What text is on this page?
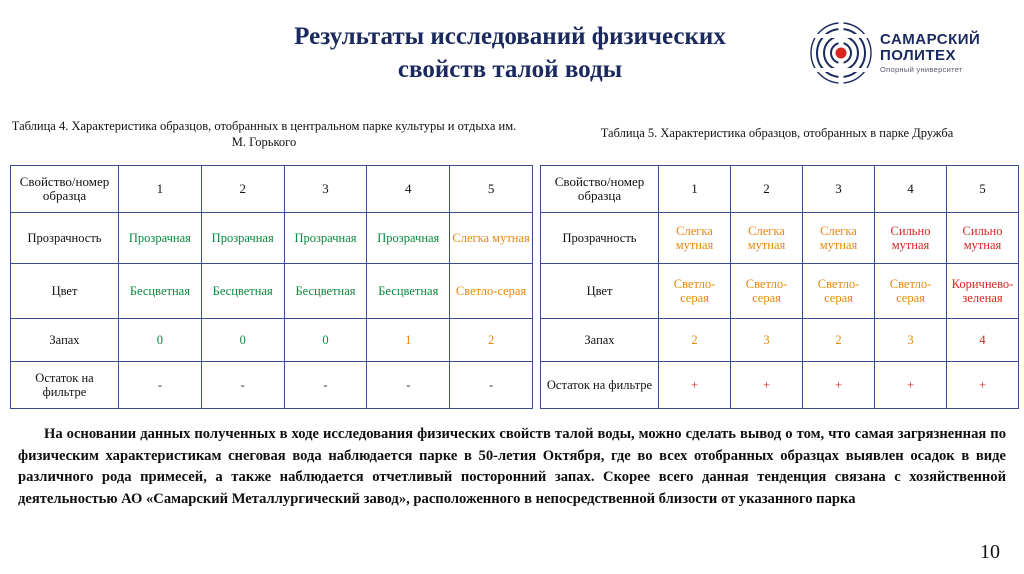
Результаты исследований физических
свойств талой воды
САМАРСКИЙ
ПОЛИТЕХ
Опорный университет
Таблица 4. Характеристика образцов, отобранных в центральном парке культуры и отдыха им. М. Горького
Таблица 5. Характеристика образцов, отобранных в парке Дружба
Свойство/номер образца	1	2	3	4	5
Прозрачность	Прозрачная	Прозрачная	Прозрачная	Прозрачная	Слегка мутная
Цвет	Бесцветная	Бесцветная	Бесцветная	Бесцветная	Светло-серая
Запах	0	0	0	1	2
Остаток на фильтре	-	-	-	-	-
Свойство/номер образца	1	2	3	4	5
Прозрачность	Слегка мутная	Слегка мутная	Слегка мутная	Сильно мутная	Сильно мутная
Цвет	Светло-серая	Светло-серая	Светло-серая	Светло-серая	Коричнево-зеленая
Запах	2	3	2	3	4
Остаток на фильтре	+	+	+	+	+
На основании данных полученных в ходе исследования физических свойств талой воды, можно сделать вывод о том, что самая загрязненная по физическим характеристикам снеговая вода наблюдается парке в 50-летия Октября, где во всех отобранных образцах выявлен осадок в виде различного рода примесей, а также наблюдается отчетливый посторонний запах. Скорее всего данная тенденция связана с хозяйственной деятельностью АО «Самарский Металлургический завод», расположенного в непосредственной близости от указанного парка
10
